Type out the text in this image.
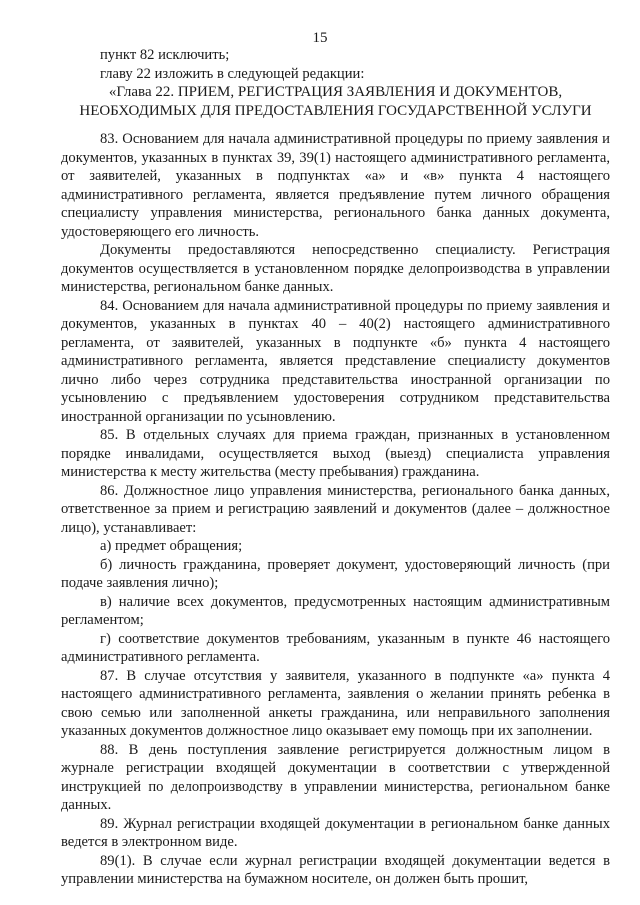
15

пункт 82 исключить;

главу 22 изложить в следующей редакции:

«Глава 22. ПРИЕМ, РЕГИСТРАЦИЯ ЗАЯВЛЕНИЯ И ДОКУМЕНТОВ, НЕОБХОДИМЫХ ДЛЯ ПРЕДОСТАВЛЕНИЯ ГОСУДАРСТВЕННОЙ УСЛУГИ

83. Основанием для начала административной процедуры по приему заявления и документов, указанных в пунктах 39, 39(1) настоящего административного регламента, от заявителей, указанных в подпунктах «а» и «в» пункта 4 настоящего административного регламента, является предъявление путем личного обращения специалисту управления министерства, регионального банка данных документа, удостоверяющего его личность.

Документы предоставляются непосредственно специалисту. Регистрация документов осуществляется в установленном порядке делопроизводства в управлении министерства, региональном банке данных.

84. Основанием для начала административной процедуры по приему заявления и документов, указанных в пунктах 40 – 40(2) настоящего административного регламента, от заявителей, указанных в подпункте «б» пункта 4 настоящего административного регламента, является представление специалисту документов лично либо через сотрудника представительства иностранной организации по усыновлению с предъявлением удостоверения сотрудником представительства иностранной организации по усыновлению.

85. В отдельных случаях для приема граждан, признанных в установленном порядке инвалидами, осуществляется выход (выезд) специалиста управления министерства к месту жительства (месту пребывания) гражданина.

86. Должностное лицо управления министерства, регионального банка данных, ответственное за прием и регистрацию заявлений и документов (далее – должностное лицо), устанавливает:

а) предмет обращения;

б) личность гражданина, проверяет документ, удостоверяющий личность (при подаче заявления лично);

в) наличие всех документов, предусмотренных настоящим административным регламентом;

г) соответствие документов требованиям, указанным в пункте 46 настоящего административного регламента.

87. В случае отсутствия у заявителя, указанного в подпункте «а» пункта 4 настоящего административного регламента, заявления о желании принять ребенка в свою семью или заполненной анкеты гражданина, или неправильного заполнения указанных документов должностное лицо оказывает ему помощь при их заполнении.

88. В день поступления заявление регистрируется должностным лицом в журнале регистрации входящей документации в соответствии с утвержденной инструкцией по делопроизводству в управлении министерства, региональном банке данных.

89. Журнал регистрации входящей документации в региональном банке данных ведется в электронном виде.

89(1). В случае если журнал регистрации входящей документации ведется в управлении министерства на бумажном носителе, он должен быть прошит,
